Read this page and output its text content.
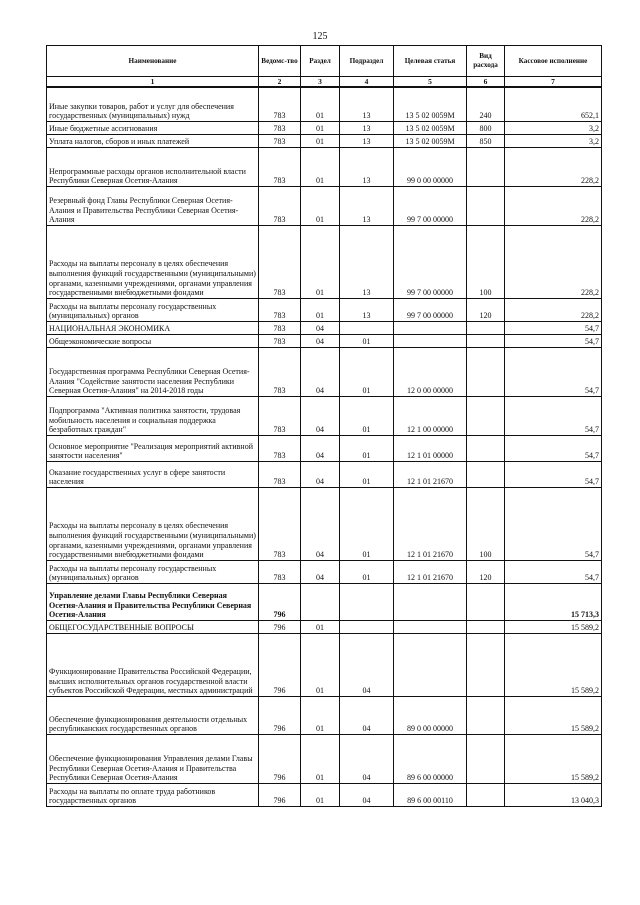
125
Наименование	Ведомс-тво	Раздел	Подраздел	Целевая статья	Вид расхода	Кассовое исполнение
1	2	3	4	5	6	7
Иные закупки товаров, работ и услуг для обеспечения государственных (муниципальных) нужд	783	01	13	13 5 02 0059М	240	652,1
Иные бюджетные ассигнования	783	01	13	13 5 02 0059М	800	3,2
Уплата налогов, сборов и иных платежей	783	01	13	13 5 02 0059М	850	3,2
Непрограммные расходы органов исполнительной власти Республики Северная Осетия-Алания	783	01	13	99 0 00 00000		228,2
Резервный фонд Главы Республики Северная Осетия-Алания и Правительства Республики Северная Осетия-Алания	783	01	13	99 7 00 00000		228,2
Расходы на выплаты персоналу в целях обеспечения выполнения функций государственными (муниципальными) органами, казенными учреждениями, органами управления государственными внебюджетными фондами	783	01	13	99 7 00 00000	100	228,2
Расходы на выплаты персоналу государственных (муниципальных) органов	783	01	13	99 7 00 00000	120	228,2
НАЦИОНАЛЬНАЯ ЭКОНОМИКА	783	04				54,7
Общеэкономические вопросы	783	04	01			54,7
Государственная программа Республики Северная Осетия-Алания "Содействие занятости населения Республики Северная Осетия-Алания" на 2014-2018 годы	783	04	01	12 0 00 00000		54,7
Подпрограмма "Активная политика занятости, трудовая мобильность населения и социальная поддержка безработных граждан"	783	04	01	12 1 00 00000		54,7
Основное мероприятие "Реализация мероприятий активной занятости населения"	783	04	01	12 1 01 00000		54,7
Оказание государственных услуг в сфере занятости населения	783	04	01	12 1 01 21670		54,7
Расходы на выплаты персоналу в целях обеспечения выполнения функций государственными (муниципальными) органами, казенными учреждениями, органами управления государственными внебюджетными фондами	783	04	01	12 1 01 21670	100	54,7
Расходы на выплаты персоналу государственных (муниципальных) органов	783	04	01	12 1 01 21670	120	54,7
Управление делами Главы Республики Северная Осетия-Алания и Правительства Республики Северная Осетия-Алания	796					15 713,3
ОБЩЕГОСУДАРСТВЕННЫЕ ВОПРОСЫ	796	01				15 589,2
Функционирование Правительства Российской Федерации, высших исполнительных органов государственной власти субъектов Российской Федерации, местных администраций	796	01	04			15 589,2
Обеспечение функционирования деятельности отдельных республиканских государственных органов	796	01	04	89 0 00 00000		15 589,2
Обеспечение функционирования Управления делами Главы Республики Северная Осетия-Алания и Правительства Республики Северная Осетия-Алания	796	01	04	89 6 00 00000		15 589,2
Расходы на выплаты по оплате труда работников государственных органов	796	01	04	89 6 00 00110		13 040,3
